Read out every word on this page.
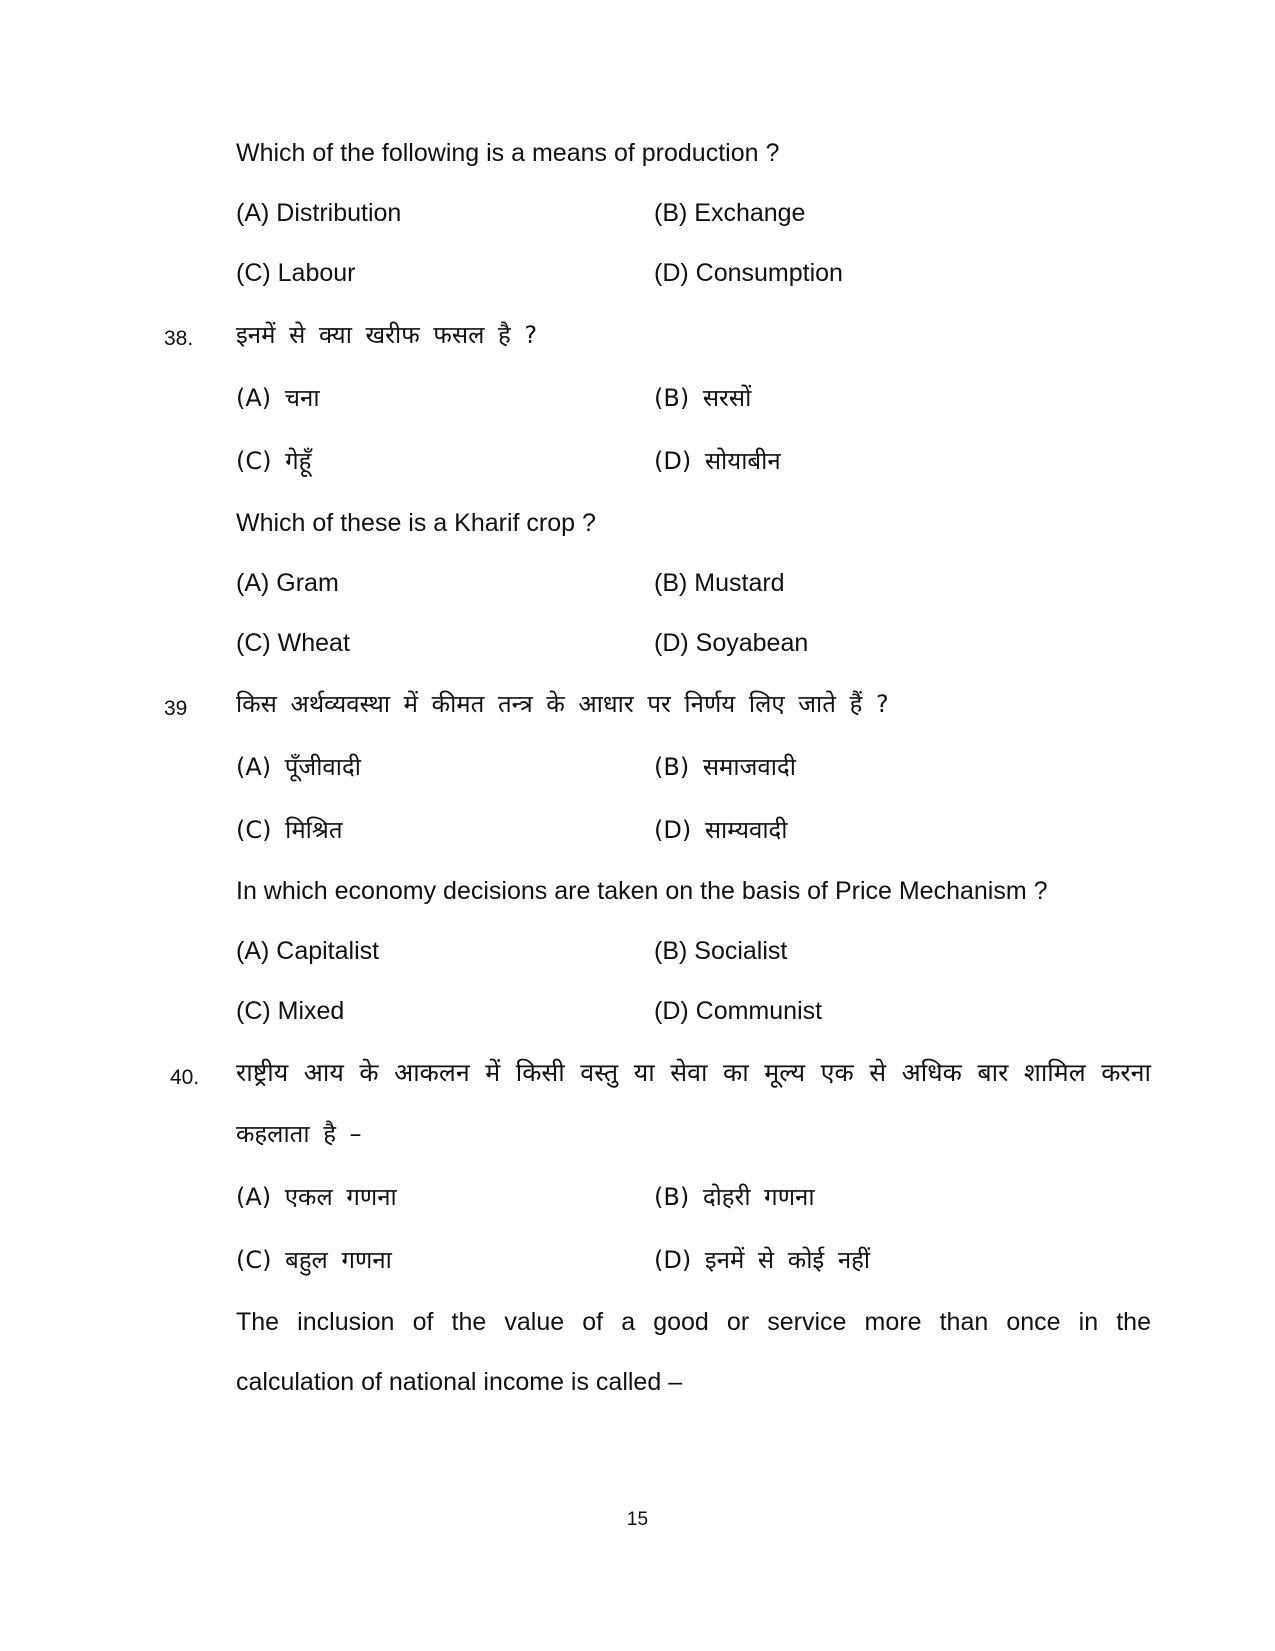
Which of the following is a means of production ?
(A) Distribution	(B) Exchange
(C) Labour	(D) Consumption
38. इनमें से क्या खरीफ फसल है ?
(A) चना	(B) सरसों
(C) गेहूँ	(D) सोयाबीन
Which of these is a Kharif crop ?
(A) Gram	(B) Mustard
(C) Wheat	(D) Soyabean
39 किस अर्थव्यवस्था में कीमत तन्त्र के आधार पर निर्णय लिए जाते हैं ?
(A) पूँजीवादी	(B) समाजवादी
(C) मिश्रित	(D) साम्यवादी
In which economy decisions are taken on the basis of Price Mechanism ?
(A) Capitalist	(B) Socialist
(C) Mixed	(D) Communist
40. राष्ट्रीय आय के आकलन में किसी वस्तु या सेवा का मूल्य एक से अधिक बार शामिल करना
कहलाता है –
(A) एकल गणना	(B) दोहरी गणना
(C) बहुल गणना	(D) इनमें से कोई नहीं
The inclusion of the value of a good or service more than once in the
calculation of national income is called –
15
